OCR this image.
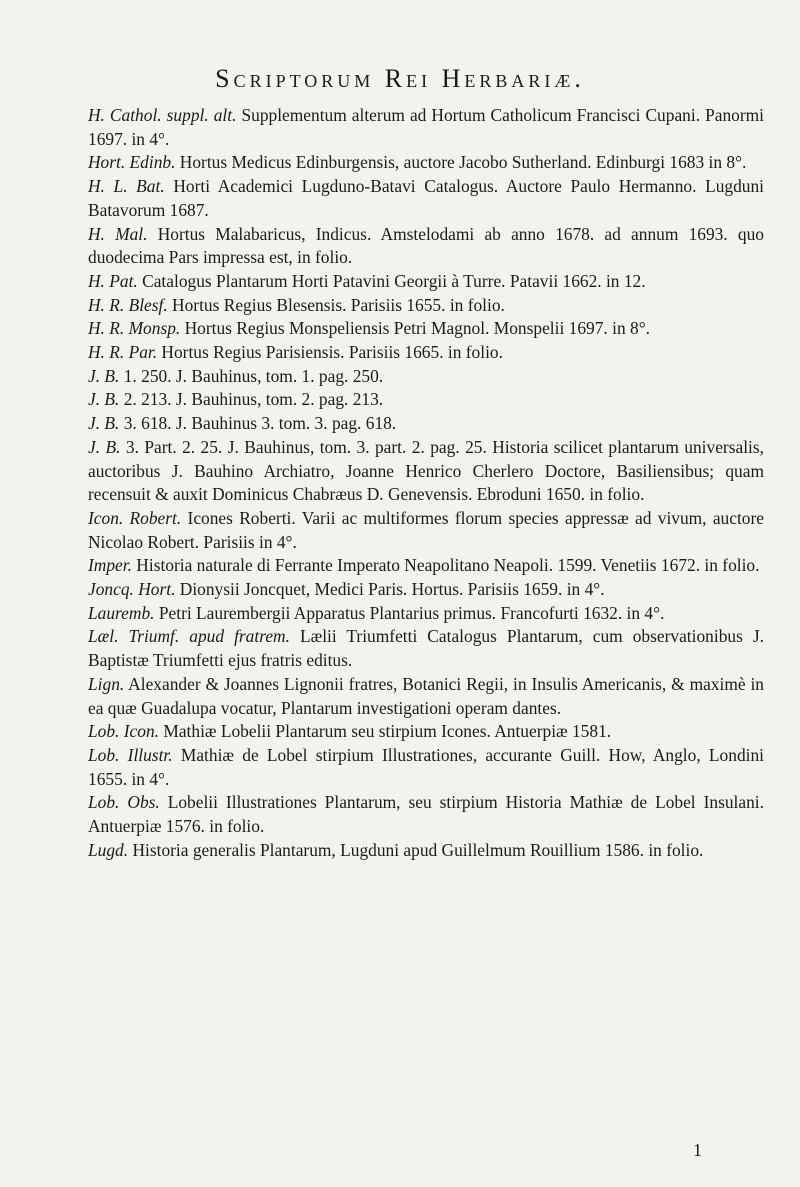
Scriptorum Rei Herbariæ.

H. Cathol. suppl. alt. Supplementum alterum ad Hortum Catholicum Francisci Cupani. Panormi 1697. in 4°.

Hort. Edinb. Hortus Medicus Edinburgensis, auctore Jacobo Sutherland. Edinburgi 1683 in 8°.

H. L. Bat. Horti Academici Lugduno-Batavi Catalogus. Auctore Paulo Hermanno. Lugduni Batavorum 1687.

H. Mal. Hortus Malabaricus, Indicus. Amstelodami ab anno 1678. ad annum 1693. quo duodecima Pars impressa est, in folio.

H. Pat. Catalogus Plantarum Horti Patavini Georgii à Turre. Patavii 1662. in 12.

H. R. Blesf. Hortus Regius Blesensis. Parisiis 1655. in folio.

H. R. Monsp. Hortus Regius Monspeliensis Petri Magnol. Monspelii 1697. in 8°.

H. R. Par. Hortus Regius Parisiensis. Parisiis 1665. in folio.

J. B. 1. 250. J. Bauhinus, tom. 1. pag. 250.

J. B. 2. 213. J. Bauhinus, tom. 2. pag. 213.

J. B. 3. 618. J. Bauhinus 3. tom. 3. pag. 618.

J. B. 3. Part. 2. 25. J. Bauhinus, tom. 3. part. 2. pag. 25. Historia scilicet plantarum universalis, auctoribus J. Bauhino Archiatro, Joanne Henrico Cherlero Doctore, Basiliensibus; quam recensuit & auxit Dominicus Chabræus D. Genevensis. Ebroduni 1650. in folio.

Icon. Robert. Icones Roberti. Varii ac multiformes florum species appressæ ad vivum, auctore Nicolao Robert. Parisiis in 4°.

Imper. Historia naturale di Ferrante Imperato Neapolitano Neapoli. 1599. Venetiis 1672. in folio.

Joncq. Hort. Dionysii Joncquet, Medici Paris. Hortus. Parisiis 1659. in 4°.

Lauremb. Petri Laurembergii Apparatus Plantarius primus. Francofurti 1632. in 4°.

Læl. Triumf. apud fratrem. Lælii Triumfetti Catalogus Plantarum, cum observationibus J. Baptistæ Triumfetti ejus fratris editus.

Lign. Alexander & Joannes Lignonii fratres, Botanici Regii, in Insulis Americanis, & maximè in ea quæ Guadalupa vocatur, Plantarum investigationi operam dantes.

Lob. Icon. Mathiæ Lobelii Plantarum seu stirpium Icones. Antuerpiæ 1581.

Lob. Illustr. Mathiæ de Lobel stirpium Illustrationes, accurante Guill. How, Anglo, Londini 1655. in 4°.

Lob. Obs. Lobelii Illustrationes Plantarum, seu stirpium Historia Mathiæ de Lobel Insulani. Antuerpiæ 1576. in folio.

Lugd. Historia generalis Plantarum, Lugduni apud Guillelmum Rouillium 1586. in folio.

1
